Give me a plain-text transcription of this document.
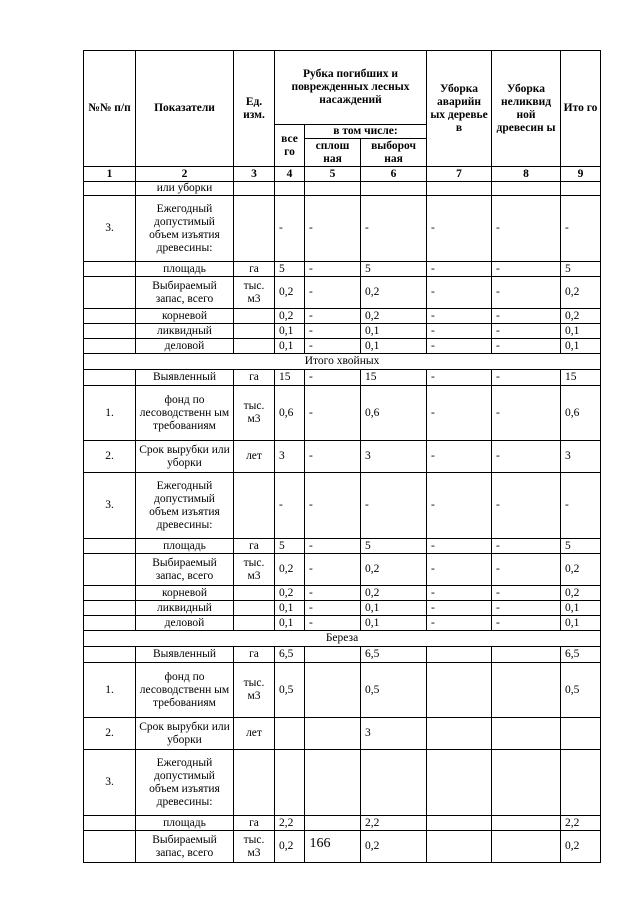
№№ п/п	Показатели	Ед. изм.	Рубка погибших и поврежденных лесных насаждений			Уборка аварийн ых деревье в	Уборка неликвид ной древесин ы	Ито го
			все го	в том числе:				
				сплош ная	выбороч ная			
1	2	3	4	5	6	7	8	9
	или уборки							
3.	Ежегодный допустимый объем изъятия древесины:		-	-	-	-	-	-
	площадь	га	5	-	5	-	-	5
	Выбираемый запас, всего	тыс. м3	0,2	-	0,2	-	-	0,2
	корневой		0,2	-	0,2	-	-	0,2
	ликвидный		0,1	-	0,1	-	-	0,1
	деловой		0,1	-	0,1	-	-	0,1
Итого хвойных								
	Выявленный	га	15	-	15	-	-	15
1.	фонд по лесоводственн ым требованиям	тыс. м3	0,6	-	0,6	-	-	0,6
2.	Срок вырубки или уборки	лет	3	-	3	-	-	3
3.	Ежегодный допустимый объем изъятия древесины:		-	-	-	-	-	-
	площадь	га	5	-	5	-	-	5
	Выбираемый запас, всего	тыс. м3	0,2	-	0,2	-	-	0,2
	корневой		0,2	-	0,2	-	-	0,2
	ликвидный		0,1	-	0,1	-	-	0,1
	деловой		0,1	-	0,1	-	-	0,1
Береза								
	Выявленный	га	6,5		6,5			6,5
1.	фонд по лесоводственн ым требованиям	тыс. м3	0,5		0,5			0,5
2.	Срок вырубки или уборки	лет			3			
3.	Ежегодный допустимый объем изъятия древесины:							
	площадь	га	2,2		2,2			2,2
	Выбираемый запас, всего	тыс. м3	0,2		0,2			0,2
166
